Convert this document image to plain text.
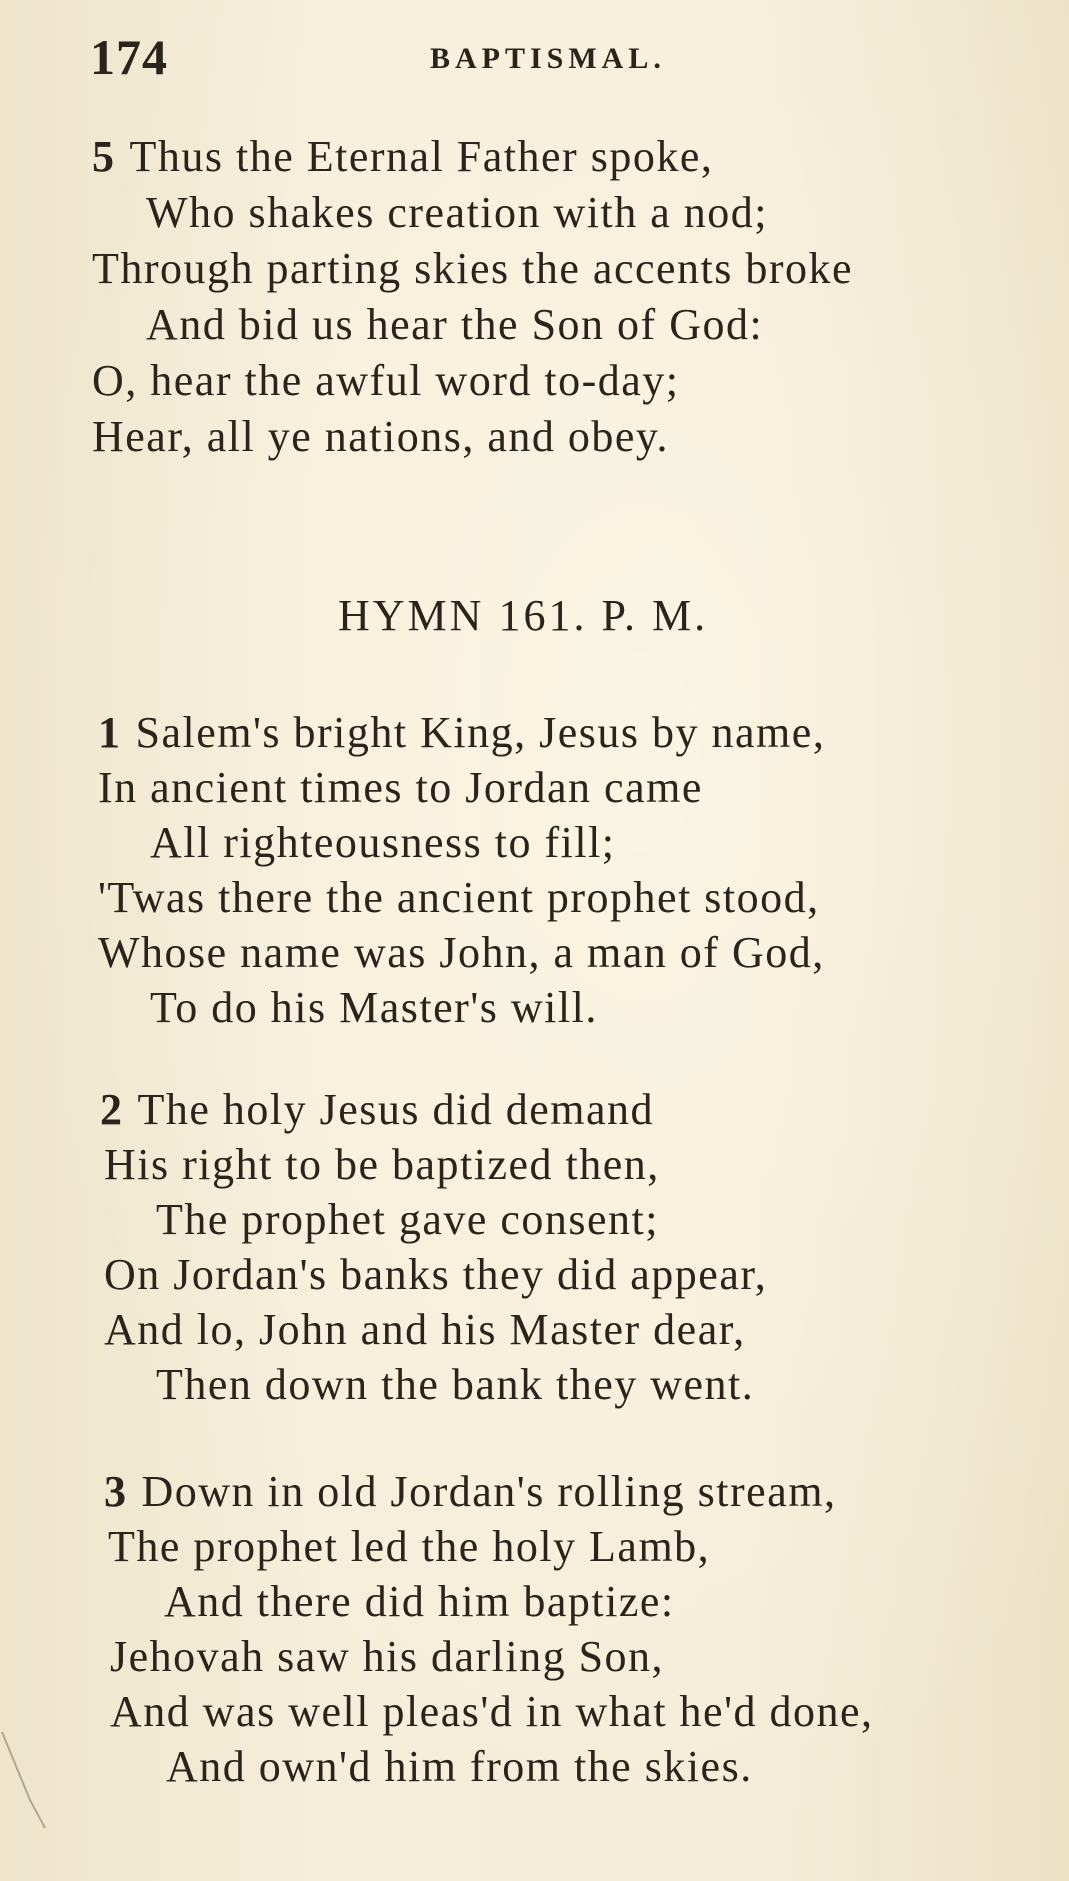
174	BAPTISMAL.
5 Thus the Eternal Father spoke,
Who shakes creation with a nod;
Through parting skies the accents broke
And bid us hear the Son of God:
O, hear the awful word to-day;
Hear, all ye nations, and obey.
HYMN 161. P. M.
1 Salem's bright King, Jesus by name,
In ancient times to Jordan came
All righteousness to fill;
'Twas there the ancient prophet stood,
Whose name was John, a man of God,
To do his Master's will.
2 The holy Jesus did demand
His right to be baptized then,
The prophet gave consent;
On Jordan's banks they did appear,
And lo, John and his Master dear,
Then down the bank they went.
3 Down in old Jordan's rolling stream,
The prophet led the holy Lamb,
And there did him baptize:
Jehovah saw his darling Son,
And was well pleas'd in what he'd done,
And own'd him from the skies.
